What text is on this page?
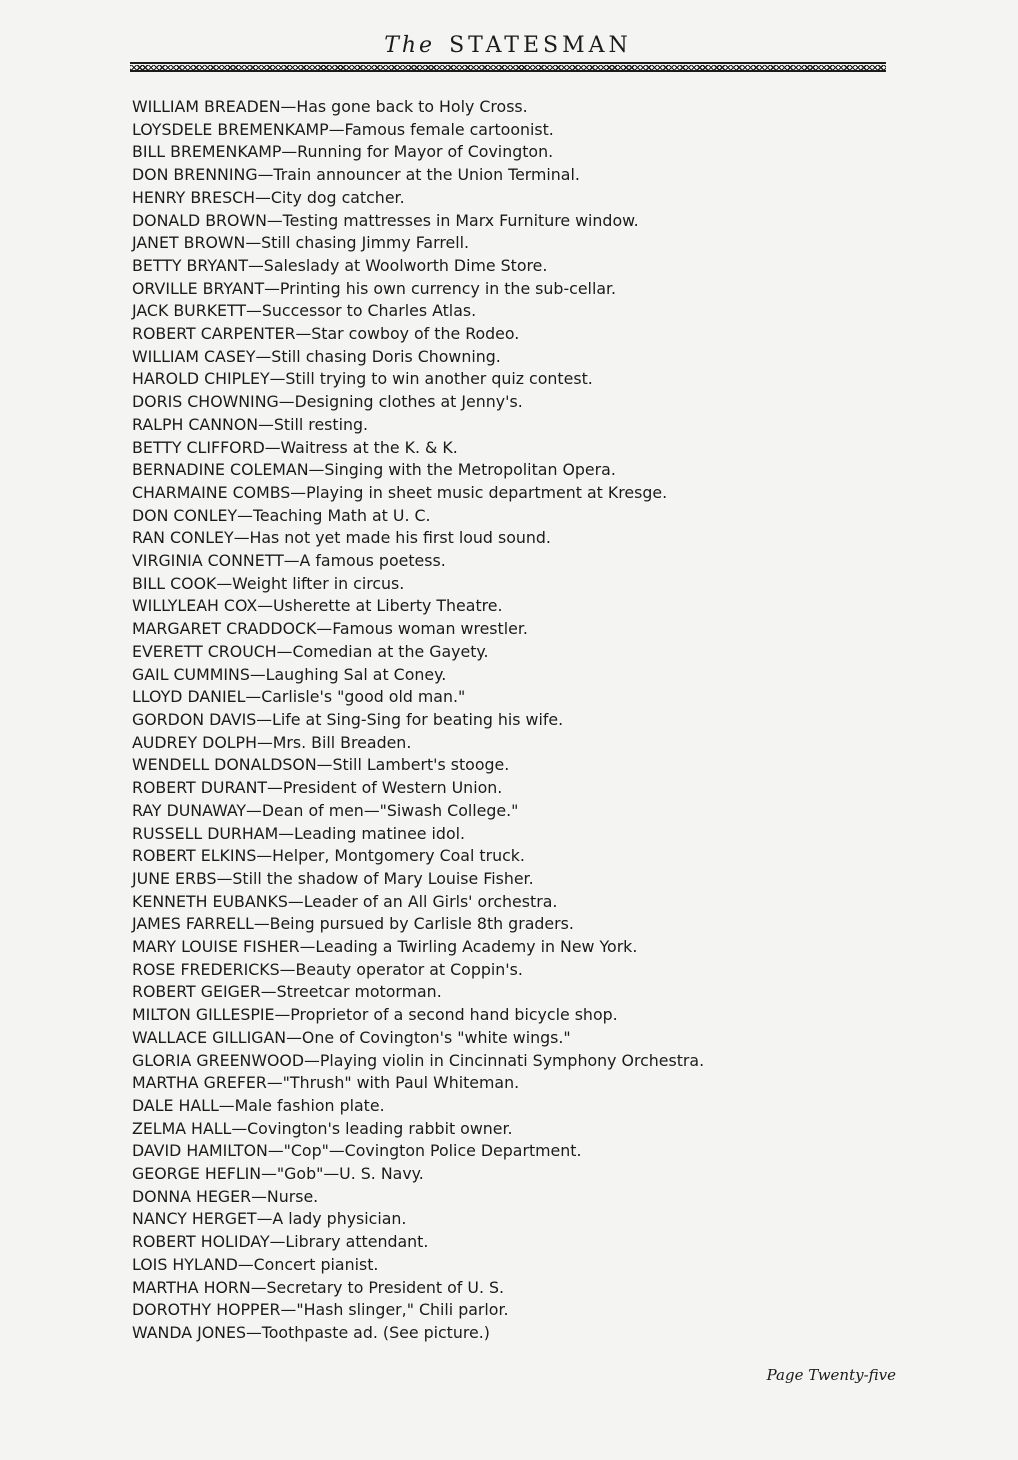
The STATESMAN
WILLIAM BREADEN—Has gone back to Holy Cross.
LOYSDELE BREMENKAMP—Famous female cartoonist.
BILL BREMENKAMP—Running for Mayor of Covington.
DON BRENNING—Train announcer at the Union Terminal.
HENRY BRESCH—City dog catcher.
DONALD BROWN—Testing mattresses in Marx Furniture window.
JANET BROWN—Still chasing Jimmy Farrell.
BETTY BRYANT—Saleslady at Woolworth Dime Store.
ORVILLE BRYANT—Printing his own currency in the sub-cellar.
JACK BURKETT—Successor to Charles Atlas.
ROBERT CARPENTER—Star cowboy of the Rodeo.
WILLIAM CASEY—Still chasing Doris Chowning.
HAROLD CHIPLEY—Still trying to win another quiz contest.
DORIS CHOWNING—Designing clothes at Jenny's.
RALPH CANNON—Still resting.
BETTY CLIFFORD—Waitress at the K. & K.
BERNADINE COLEMAN—Singing with the Metropolitan Opera.
CHARMAINE COMBS—Playing in sheet music department at Kresge.
DON CONLEY—Teaching Math at U. C.
RAN CONLEY—Has not yet made his first loud sound.
VIRGINIA CONNETT—A famous poetess.
BILL COOK—Weight lifter in circus.
WILLYLEAH COX—Usherette at Liberty Theatre.
MARGARET CRADDOCK—Famous woman wrestler.
EVERETT CROUCH—Comedian at the Gayety.
GAIL CUMMINS—Laughing Sal at Coney.
LLOYD DANIEL—Carlisle's "good old man."
GORDON DAVIS—Life at Sing-Sing for beating his wife.
AUDREY DOLPH—Mrs. Bill Breaden.
WENDELL DONALDSON—Still Lambert's stooge.
ROBERT DURANT—President of Western Union.
RAY DUNAWAY—Dean of men—"Siwash College."
RUSSELL DURHAM—Leading matinee idol.
ROBERT ELKINS—Helper, Montgomery Coal truck.
JUNE ERBS—Still the shadow of Mary Louise Fisher.
KENNETH EUBANKS—Leader of an All Girls' orchestra.
JAMES FARRELL—Being pursued by Carlisle 8th graders.
MARY LOUISE FISHER—Leading a Twirling Academy in New York.
ROSE FREDERICKS—Beauty operator at Coppin's.
ROBERT GEIGER—Streetcar motorman.
MILTON GILLESPIE—Proprietor of a second hand bicycle shop.
WALLACE GILLIGAN—One of Covington's "white wings."
GLORIA GREENWOOD—Playing violin in Cincinnati Symphony Orchestra.
MARTHA GREFER—"Thrush" with Paul Whiteman.
DALE HALL—Male fashion plate.
ZELMA HALL—Covington's leading rabbit owner.
DAVID HAMILTON—"Cop"—Covington Police Department.
GEORGE HEFLIN—"Gob"—U. S. Navy.
DONNA HEGER—Nurse.
NANCY HERGET—A lady physician.
ROBERT HOLIDAY—Library attendant.
LOIS HYLAND—Concert pianist.
MARTHA HORN—Secretary to President of U. S.
DOROTHY HOPPER—"Hash slinger," Chili parlor.
WANDA JONES—Toothpaste ad. (See picture.)
Page Twenty-five
